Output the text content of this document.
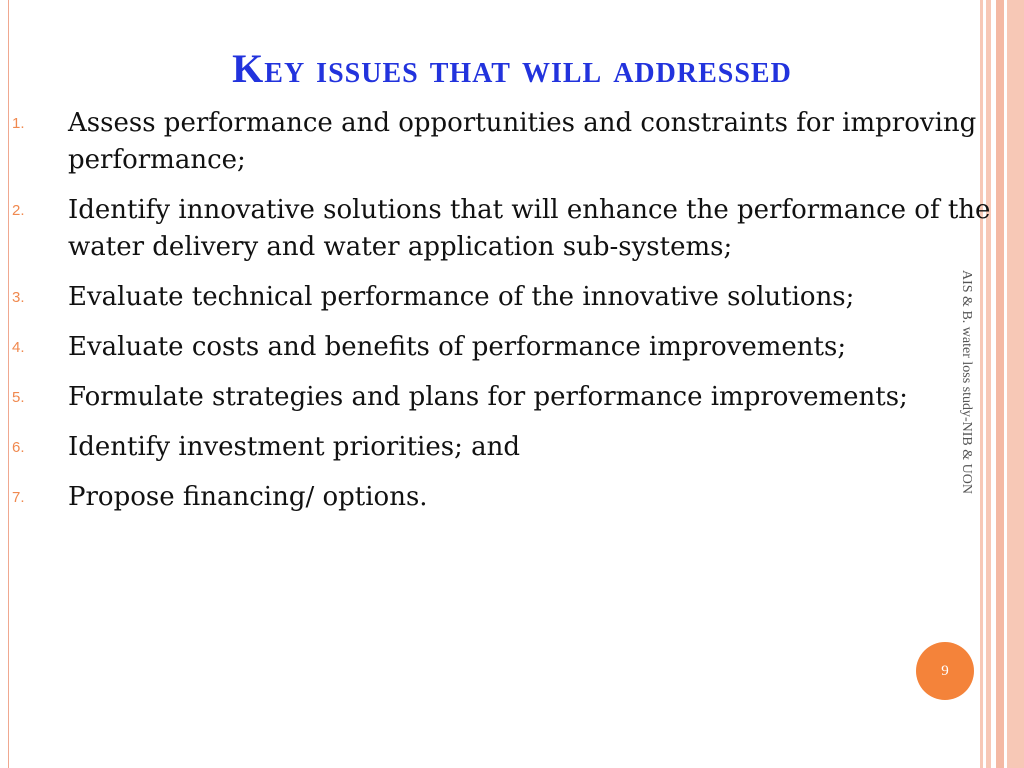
Key issues that will addressed
1. Assess performance and opportunities and constraints for improving performance;
2. Identify innovative solutions that will enhance the performance of the water delivery and water application sub-systems;
3. Evaluate technical performance of the innovative solutions;
4. Evaluate costs and benefits of performance improvements;
5. Formulate strategies and plans for performance improvements;
6. Identify investment priorities; and
7. Propose financing/ options.
AIS & B. water loss study-NIB & UON
9
